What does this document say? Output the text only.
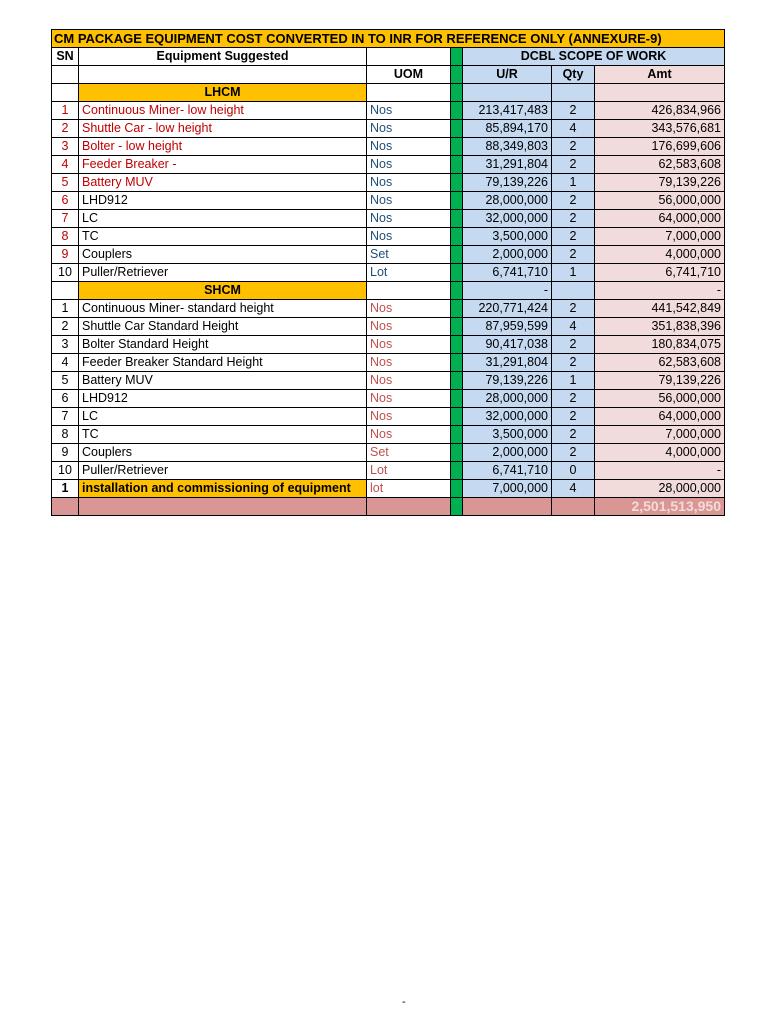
CM PACKAGE EQUIPMENT COST CONVERTED IN TO INR FOR REFERENCE ONLY (ANNEXURE-9)						
SN	Equipment Suggested			DCBL SCOPE OF WORK		
		UOM		U/R	Qty	Amt
	LHCM					
1	Continuous Miner- low height	Nos		213,417,483	2	426,834,966
2	Shuttle Car - low height	Nos		85,894,170	4	343,576,681
3	Bolter - low height	Nos		88,349,803	2	176,699,606
4	Feeder Breaker -	Nos		31,291,804	2	62,583,608
5	Battery MUV	Nos		79,139,226	1	79,139,226
6	LHD912	Nos		28,000,000	2	56,000,000
7	LC	Nos		32,000,000	2	64,000,000
8	TC	Nos		3,500,000	2	7,000,000
9	Couplers	Set		2,000,000	2	4,000,000
10	Puller/Retriever	Lot		6,741,710	1	6,741,710
	SHCM			-		-
1	Continuous Miner- standard height	Nos		220,771,424	2	441,542,849
2	Shuttle Car Standard Height	Nos		87,959,599	4	351,838,396
3	Bolter Standard Height	Nos		90,417,038	2	180,834,075
4	Feeder Breaker Standard Height	Nos		31,291,804	2	62,583,608
5	Battery MUV	Nos		79,139,226	1	79,139,226
6	LHD912	Nos		28,000,000	2	56,000,000
7	LC	Nos		32,000,000	2	64,000,000
8	TC	Nos		3,500,000	2	7,000,000
9	Couplers	Set		2,000,000	2	4,000,000
10	Puller/Retriever	Lot		6,741,710	0	-
1	installation and commissioning of equipment	lot		7,000,000	4	28,000,000
						2,501,513,950
-
